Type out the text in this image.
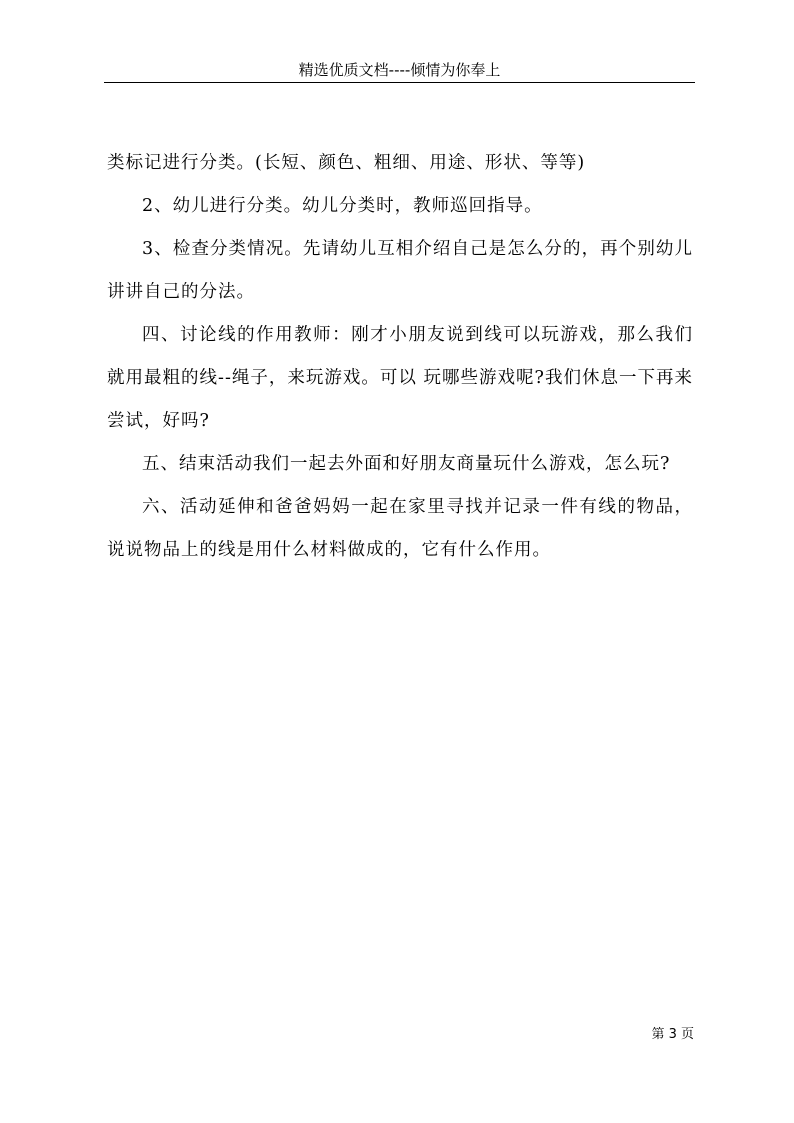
精选优质文档----倾情为你奉上

类标记进行分类。(长短、颜色、粗细、用途、形状、等等)

2、幼儿进行分类。幼儿分类时，教师巡回指导。

3、检查分类情况。先请幼儿互相介绍自己是怎么分的，再个别幼儿讲讲自己的分法。

四、讨论线的作用教师：刚才小朋友说到线可以玩游戏，那么我们就用最粗的线--绳子，来玩游戏。可以 玩哪些游戏呢?我们休息一下再来尝试，好吗?

五、结束活动我们一起去外面和好朋友商量玩什么游戏，怎么玩?

六、活动延伸和爸爸妈妈一起在家里寻找并记录一件有线的物品，说说物品上的线是用什么材料做成的，它有什么作用。

第 3 页
